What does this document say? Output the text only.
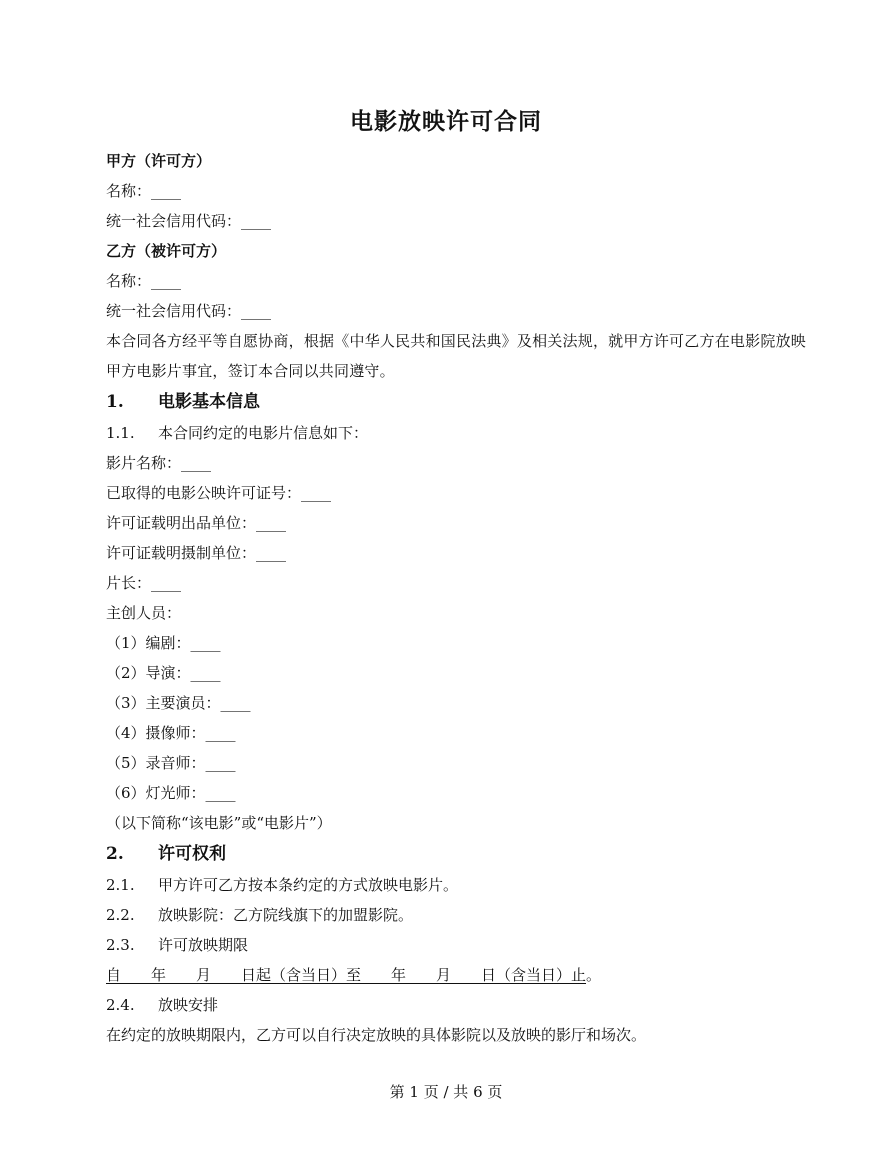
电影放映许可合同
甲方（许可方）
名称：____
统一社会信用代码：____
乙方（被许可方）
名称：____
统一社会信用代码：____
本合同各方经平等自愿协商，根据《中华人民共和国民法典》及相关法规，就甲方许可乙方在电影院放映甲方电影片事宜，签订本合同以共同遵守。
1. 电影基本信息
1.1. 本合同约定的电影片信息如下：
影片名称：____
已取得的电影公映许可证号：____
许可证载明出品单位：____
许可证载明摄制单位：____
片长：____
主创人员：
（1）编剧：____
（2）导演：____
（3）主要演员：____
（4）摄像师：____
（5）录音师：____
（6）灯光师：____
（以下简称“该电影”或“电影片”）
2. 许可权利
2.1. 甲方许可乙方按本条约定的方式放映电影片。
2.2. 放映影院：乙方院线旗下的加盟影院。
2.3. 许可放映期限
自　　年　　月　　日起（含当日）至　　年　　月　　日（含当日）止。
2.4. 放映安排
在约定的放映期限内，乙方可以自行决定放映的具体影院以及放映的影厅和场次。
第 1 页 / 共 6 页
